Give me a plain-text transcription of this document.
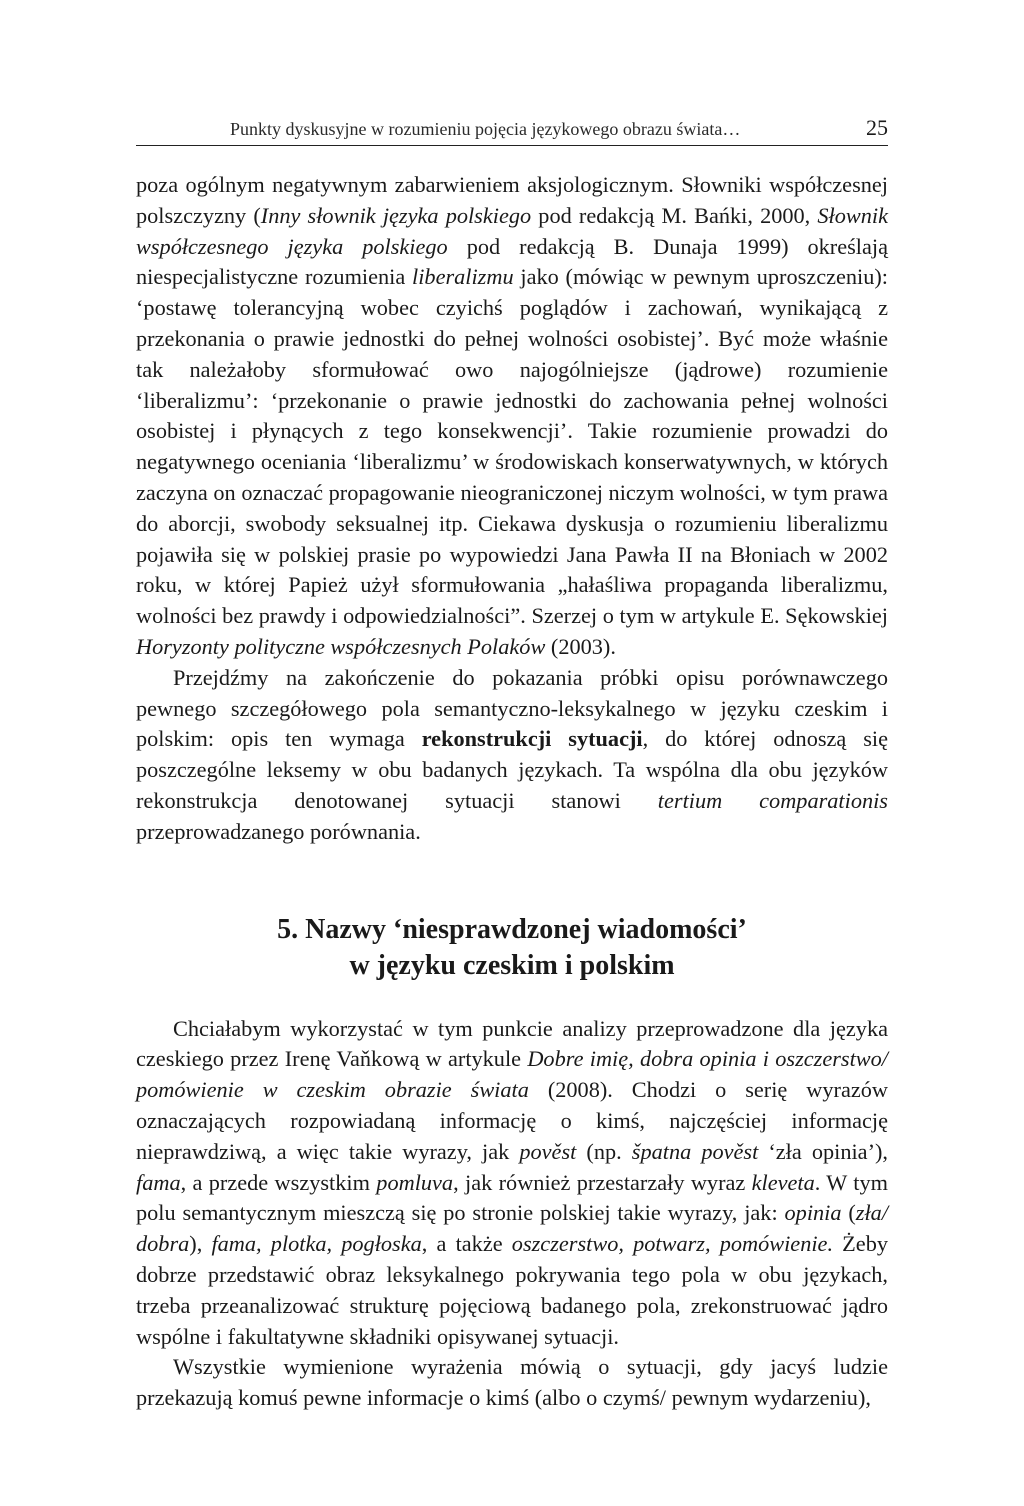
Punkty dyskusyjne w rozumieniu pojęcia językowego obrazu świata…	25

poza ogólnym negatywnym zabarwieniem aksjologicznym. Słowniki współczesnej polszczyzny (Inny słownik języka polskiego pod redakcją M. Bańki, 2000, Słownik współczesnego języka polskiego pod redakcją B. Dunaja 1999) określają niespecjalistyczne rozumienia liberalizmu jako (mówiąc w pewnym uproszczeniu): ‘postawę tolerancyjną wobec czyichś poglądów i zachowań, wynikającą z przekonania o prawie jednostki do pełnej wolności osobistej’. Być może właśnie tak należałoby sformułować owo najogólniejsze (jądrowe) rozumienie ‘liberalizmu’: ‘przekonanie o prawie jednostki do zachowania pełnej wolności osobistej i płynących z tego konsekwencji’. Takie rozumienie prowadzi do negatywnego oceniania ‘liberalizmu’ w środowiskach konserwatywnych, w których zaczyna on oznaczać propagowanie nieograniczonej niczym wolności, w tym prawa do aborcji, swobody seksualnej itp. Ciekawa dyskusja o rozumieniu liberalizmu pojawiła się w polskiej prasie po wypowiedzi Jana Pawła II na Błoniach w 2002 roku, w której Papież użył sformułowania „hałaśliwa propaganda liberalizmu, wolności bez prawdy i odpowiedzialności”. Szerzej o tym w artykule E. Sękowskiej Horyzonty polityczne współczesnych Polaków (2003).

Przejdźmy na zakończenie do pokazania próbki opisu porównawczego pewnego szczegółowego pola semantyczno-leksykalnego w języku czeskim i polskim: opis ten wymaga rekonstrukcji sytuacji, do której odnoszą się poszczególne leksemy w obu badanych językach. Ta wspólna dla obu języków rekonstrukcja denotowanej sytuacji stanowi tertium comparationis przeprowadzanego porównania.

5. Nazwy ‘niesprawdzonej wiadomości’
w języku czeskim i polskim

Chciałabym wykorzystać w tym punkcie analizy przeprowadzone dla języka czeskiego przez Irenę Vaňkową w artykule Dobre imię, dobra opinia i oszczerstwo/ pomówienie w czeskim obrazie świata (2008). Chodzi o serię wyrazów oznaczających rozpowiadaną informację o kimś, najczęściej informację nieprawdziwą, a więc takie wyrazy, jak pověst (np. špatna pověst ‘zła opinia’), fama, a przede wszystkim pomluva, jak również przestarzały wyraz kleveta. W tym polu semantycznym mieszczą się po stronie polskiej takie wyrazy, jak: opinia (zła/ dobra), fama, plotka, pogłoska, a także oszczerstwo, potwarz, pomówienie. Żeby dobrze przedstawić obraz leksykalnego pokrywania tego pola w obu językach, trzeba przeanalizować strukturę pojęciową badanego pola, zrekonstruować jądro wspólne i fakultatywne składniki opisywanej sytuacji.

Wszystkie wymienione wyrażenia mówią o sytuacji, gdy jacyś ludzie przekazują komuś pewne informacje o kimś (albo o czymś/ pewnym wydarzeniu),
